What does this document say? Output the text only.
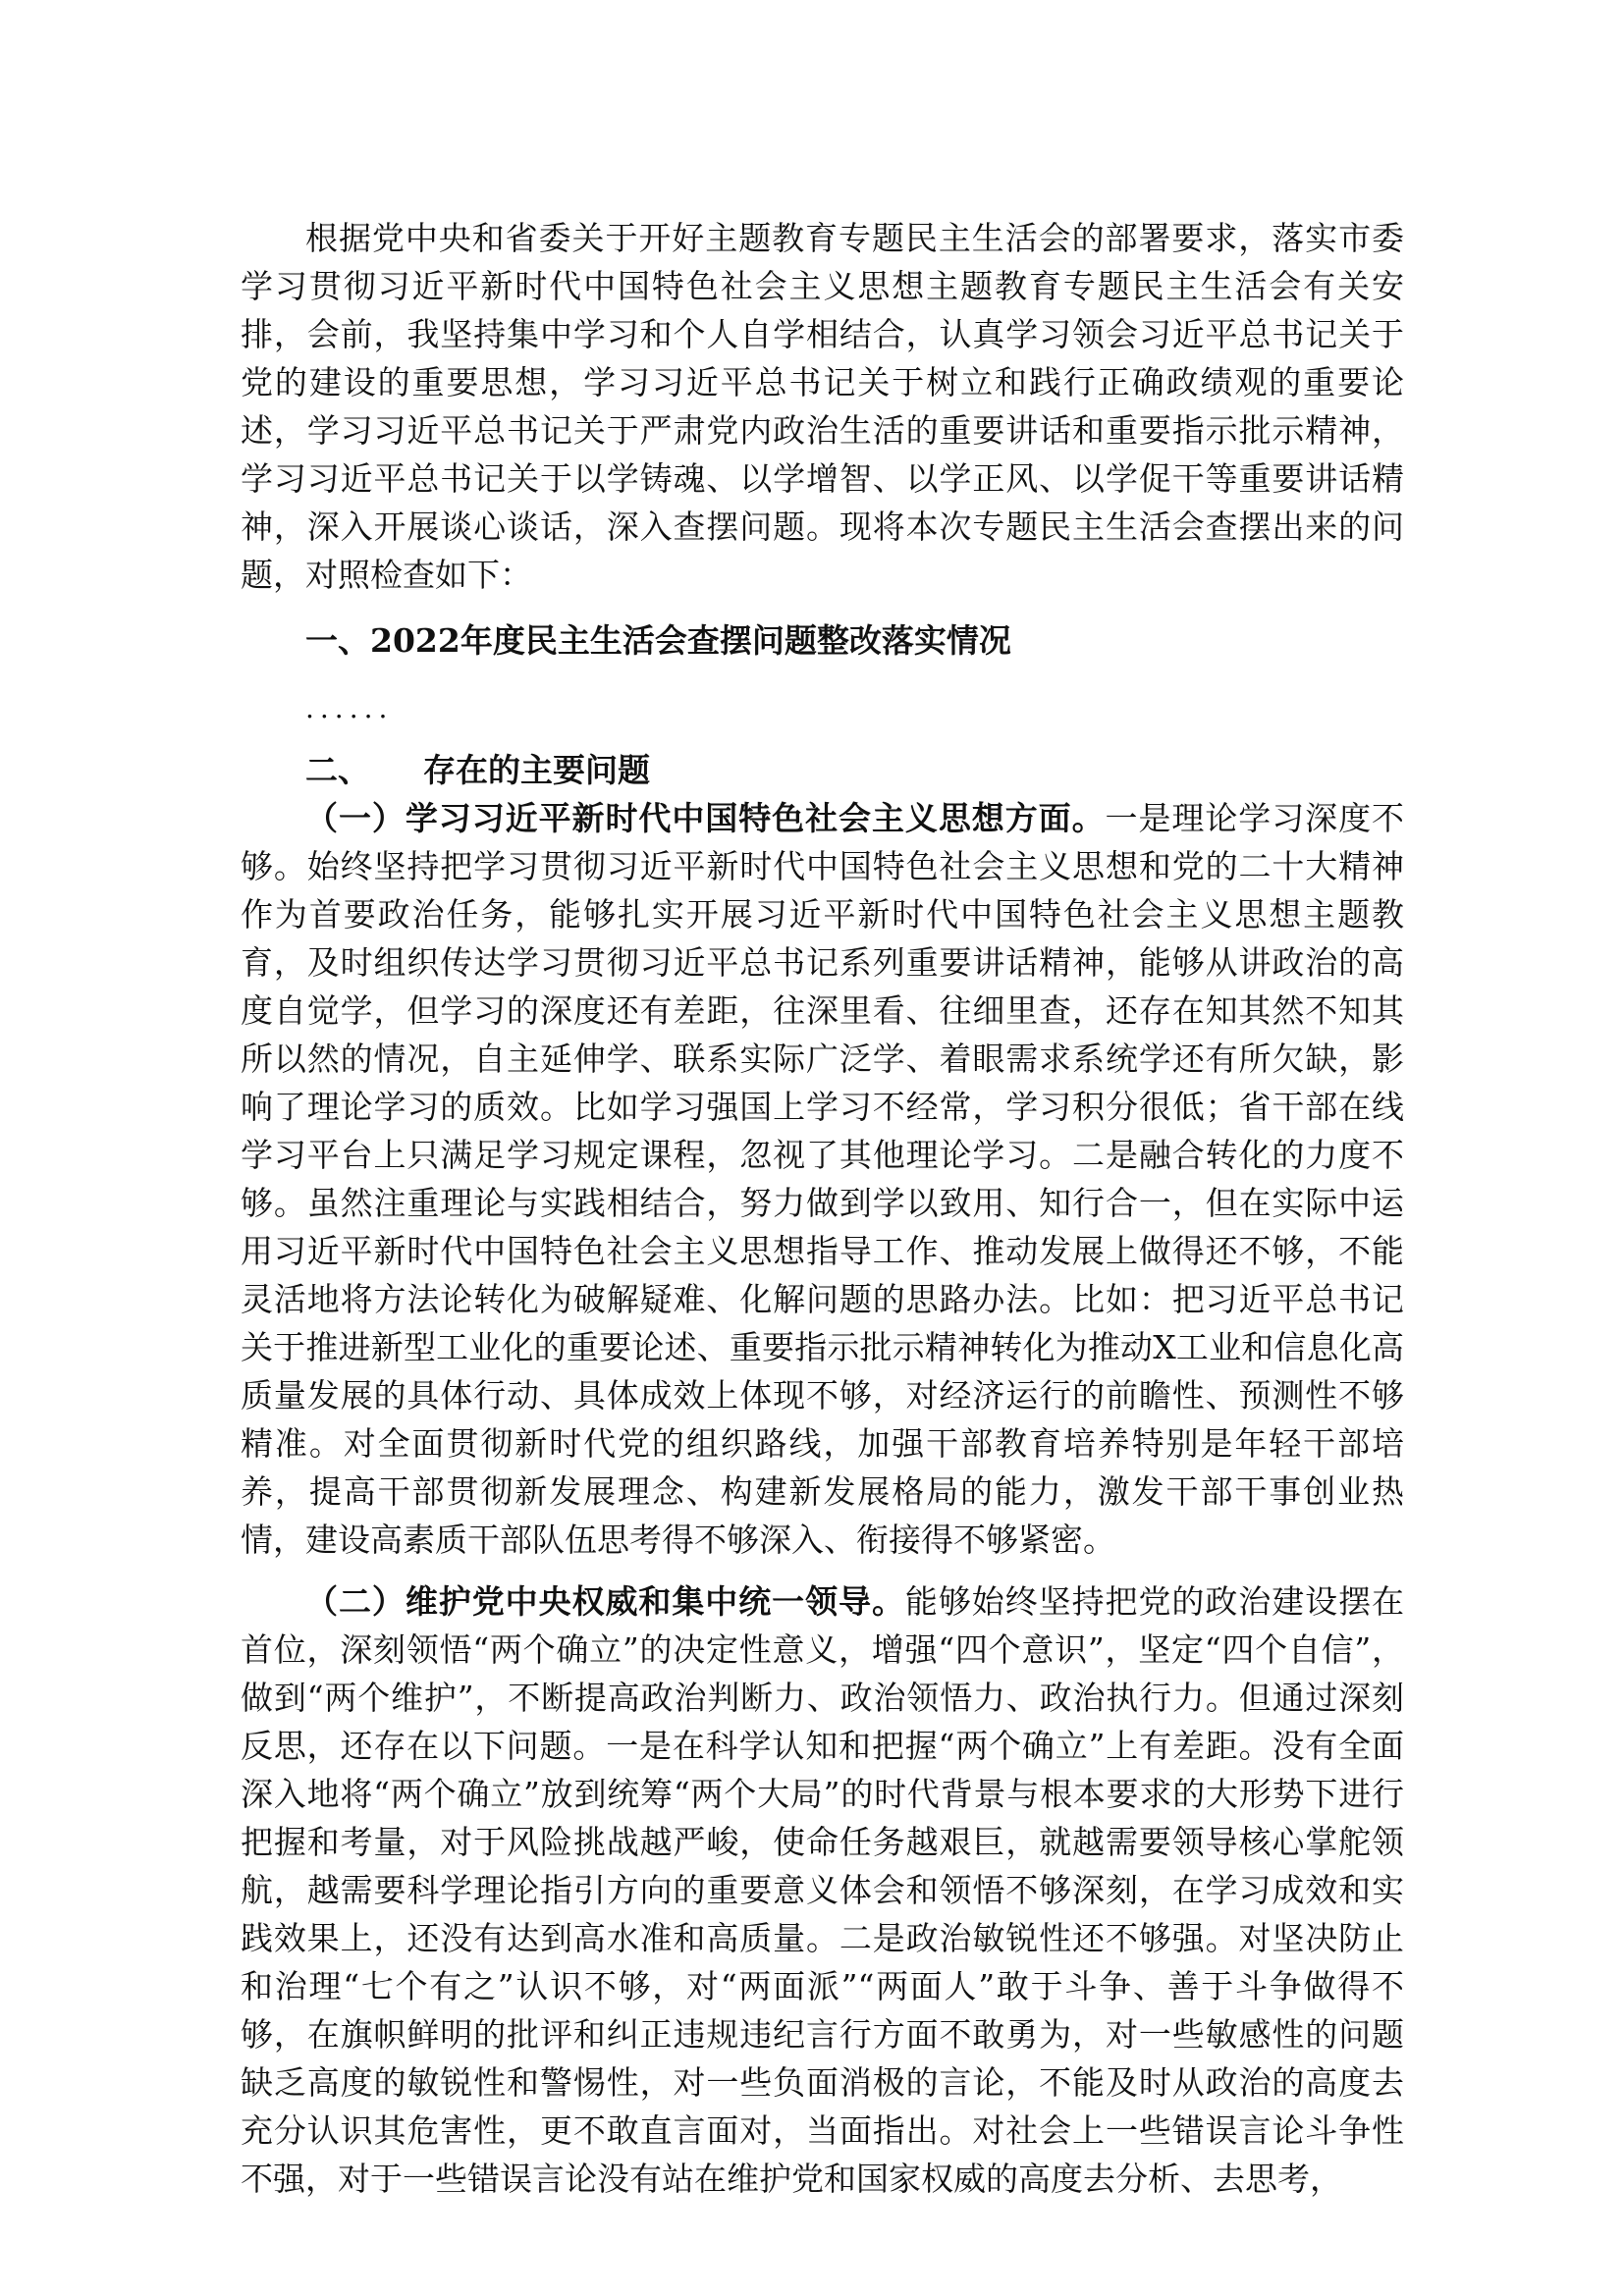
根据党中央和省委关于开好主题教育专题民主生活会的部署要求，落实市委学习贯彻习近平新时代中国特色社会主义思想主题教育专题民主生活会有关安排，会前，我坚持集中学习和个人自学相结合，认真学习领会习近平总书记关于党的建设的重要思想，学习习近平总书记关于树立和践行正确政绩观的重要论述，学习习近平总书记关于严肃党内政治生活的重要讲话和重要指示批示精神，学习习近平总书记关于以学铸魂、以学增智、以学正风、以学促干等重要讲话精神，深入开展谈心谈话，深入查摆问题。现将本次专题民主生活会查摆出来的问题，对照检查如下：

一、2022年度民主生活会查摆问题整改落实情况

......

二、	存在的主要问题

（一）学习习近平新时代中国特色社会主义思想方面。一是理论学习深度不够。始终坚持把学习贯彻习近平新时代中国特色社会主义思想和党的二十大精神作为首要政治任务，能够扎实开展习近平新时代中国特色社会主义思想主题教育，及时组织传达学习贯彻习近平总书记系列重要讲话精神，能够从讲政治的高度自觉学，但学习的深度还有差距，往深里看、往细里查，还存在知其然不知其所以然的情况，自主延伸学、联系实际广泛学、着眼需求系统学还有所欠缺，影响了理论学习的质效。比如学习强国上学习不经常，学习积分很低；省干部在线学习平台上只满足学习规定课程，忽视了其他理论学习。二是融合转化的力度不够。虽然注重理论与实践相结合，努力做到学以致用、知行合一，但在实际中运用习近平新时代中国特色社会主义思想指导工作、推动发展上做得还不够，不能灵活地将方法论转化为破解疑难、化解问题的思路办法。比如：把习近平总书记关于推进新型工业化的重要论述、重要指示批示精神转化为推动X工业和信息化高质量发展的具体行动、具体成效上体现不够，对经济运行的前瞻性、预测性不够精准。对全面贯彻新时代党的组织路线，加强干部教育培养特别是年轻干部培养，提高干部贯彻新发展理念、构建新发展格局的能力，激发干部干事创业热情，建设高素质干部队伍思考得不够深入、衔接得不够紧密。

（二）维护党中央权威和集中统一领导。能够始终坚持把党的政治建设摆在首位，深刻领悟“两个确立”的决定性意义，增强“四个意识”，坚定“四个自信”，做到“两个维护”，不断提高政治判断力、政治领悟力、政治执行力。但通过深刻反思，还存在以下问题。一是在科学认知和把握“两个确立”上有差距。没有全面深入地将“两个确立”放到统筹“两个大局”的时代背景与根本要求的大形势下进行把握和考量，对于风险挑战越严峻，使命任务越艰巨，就越需要领导核心掌舵领航，越需要科学理论指引方向的重要意义体会和领悟不够深刻，在学习成效和实践效果上，还没有达到高水准和高质量。二是政治敏锐性还不够强。对坚决防止和治理“七个有之”认识不够，对“两面派”“两面人”敢于斗争、善于斗争做得不够，在旗帜鲜明的批评和纠正违规违纪言行方面不敢勇为，对一些敏感性的问题缺乏高度的敏锐性和警惕性，对一些负面消极的言论，不能及时从政治的高度去充分认识其危害性，更不敢直言面对，当面指出。对社会上一些错误言论斗争性不强，对于一些错误言论没有站在维护党和国家权威的高度去分析、去思考，
